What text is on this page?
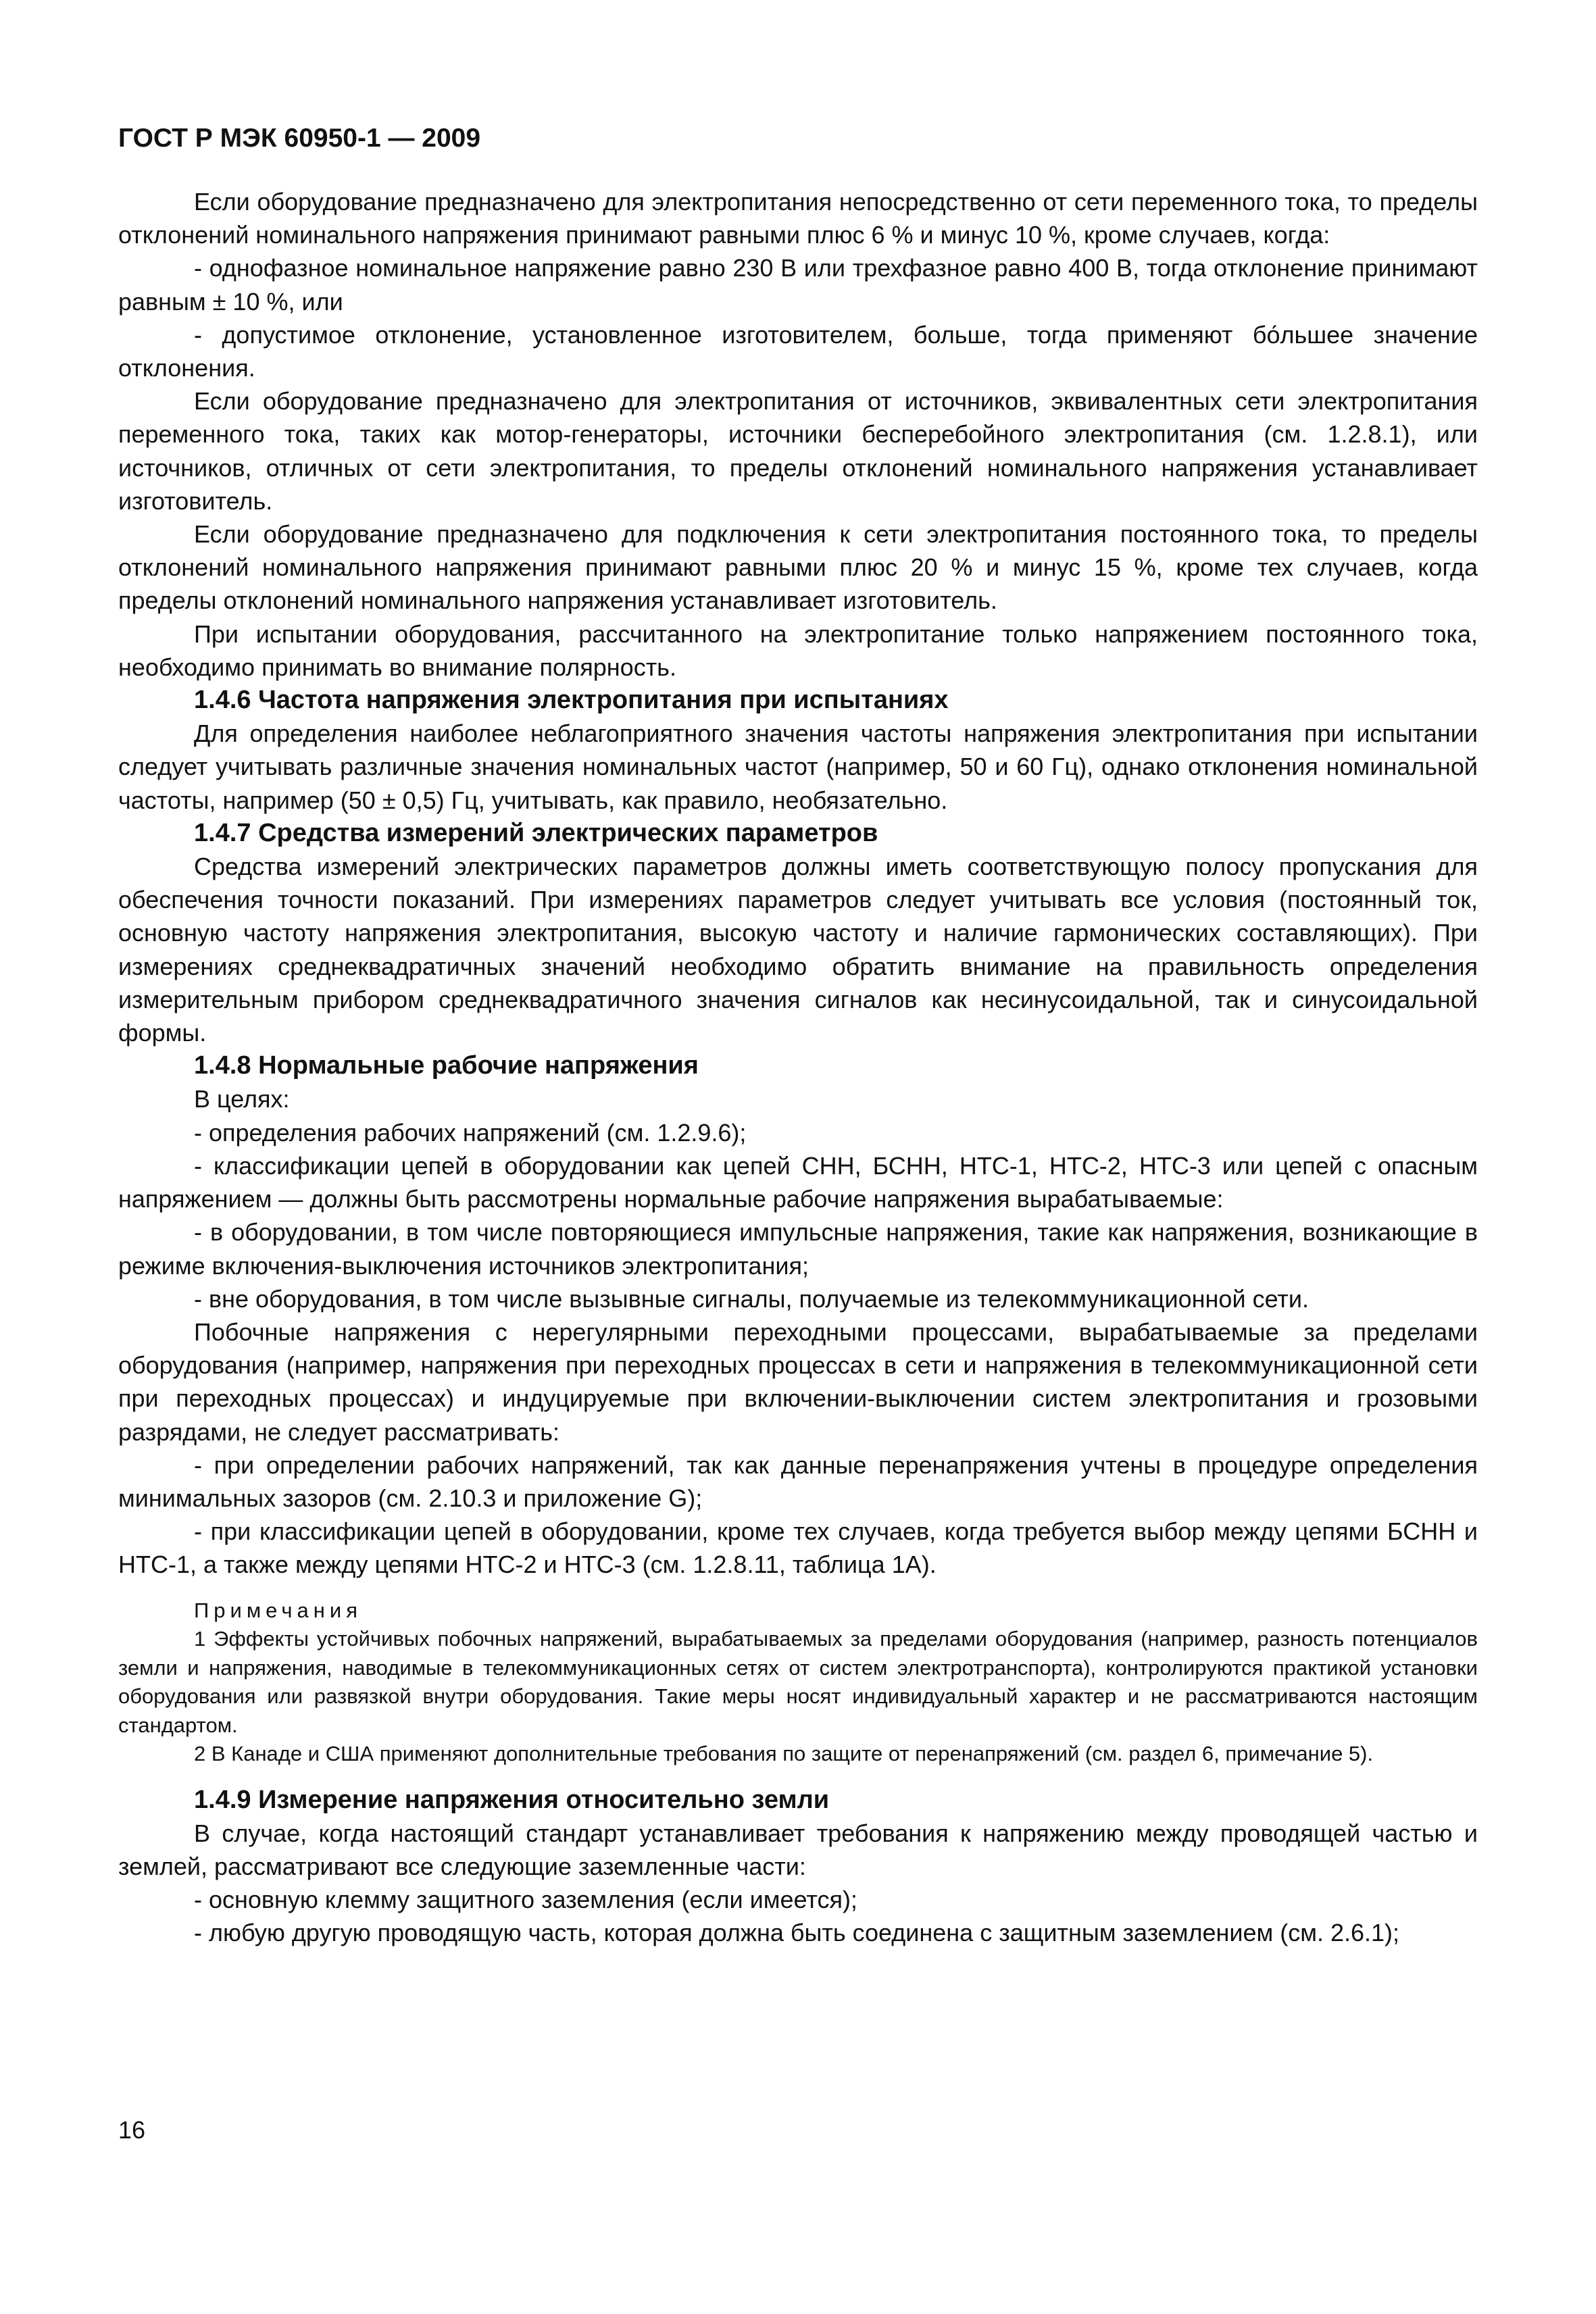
ГОСТ Р МЭК 60950-1 — 2009

Если оборудование предназначено для электропитания непосредственно от сети переменного тока, то пределы отклонений номинального напряжения принимают равными плюс 6 % и минус 10 %, кроме случаев, когда:

- однофазное номинальное напряжение равно 230 В или трехфазное равно 400 В, тогда отклонение принимают равным ± 10 %, или

- допустимое отклонение, установленное изготовителем, больше, тогда применяют бо́льшее значение отклонения.

Если оборудование предназначено для электропитания от источников, эквивалентных сети электропитания переменного тока, таких как мотор-генераторы, источники бесперебойного электропитания (см. 1.2.8.1), или источников, отличных от сети электропитания, то пределы отклонений номинального напряжения устанавливает изготовитель.

Если оборудование предназначено для подключения к сети электропитания постоянного тока, то пределы отклонений номинального напряжения принимают равными плюс 20 % и минус 15 %, кроме тех случаев, когда пределы отклонений номинального напряжения устанавливает изготовитель.

При испытании оборудования, рассчитанного на электропитание только напряжением постоянного тока, необходимо принимать во внимание полярность.

1.4.6 Частота напряжения электропитания при испытаниях

Для определения наиболее неблагоприятного значения частоты напряжения электропитания при испытании следует учитывать различные значения номинальных частот (например, 50 и 60 Гц), однако отклонения номинальной частоты, например (50 ± 0,5) Гц, учитывать, как правило, необязательно.

1.4.7 Средства измерений электрических параметров

Средства измерений электрических параметров должны иметь соответствующую полосу пропускания для обеспечения точности показаний. При измерениях параметров следует учитывать все условия (постоянный ток, основную частоту напряжения электропитания, высокую частоту и наличие гармонических составляющих). При измерениях среднеквадратичных значений необходимо обратить внимание на правильность определения измерительным прибором среднеквадратичного значения сигналов как несинусоидальной, так и синусоидальной формы.

1.4.8 Нормальные рабочие напряжения

В целях:

- определения рабочих напряжений (см. 1.2.9.6);

- классификации цепей в оборудовании как цепей СНН, БСНН, НТС-1, НТС-2, НТС-3 или цепей с опасным напряжением — должны быть рассмотрены нормальные рабочие напряжения вырабатываемые:

- в оборудовании, в том числе повторяющиеся импульсные напряжения, такие как напряжения, возникающие в режиме включения-выключения источников электропитания;

- вне оборудования, в том числе вызывные сигналы, получаемые из телекоммуникационной сети.

Побочные напряжения с нерегулярными переходными процессами, вырабатываемые за пределами оборудования (например, напряжения при переходных процессах в сети и напряжения в телекоммуникационной сети при переходных процессах) и индуцируемые при включении-выключении систем электропитания и грозовыми разрядами, не следует рассматривать:

- при определении рабочих напряжений, так как данные перенапряжения учтены в процедуре определения минимальных зазоров (см. 2.10.3 и приложение G);

- при классификации цепей в оборудовании, кроме тех случаев, когда требуется выбор между цепями БСНН и НТС-1, а также между цепями НТС-2 и НТС-3 (см. 1.2.8.11, таблица 1А).

Примечания

1 Эффекты устойчивых побочных напряжений, вырабатываемых за пределами оборудования (например, разность потенциалов земли и напряжения, наводимые в телекоммуникационных сетях от систем электротранспорта), контролируются практикой установки оборудования или развязкой внутри оборудования. Такие меры носят индивидуальный характер и не рассматриваются настоящим стандартом.

2 В Канаде и США применяют дополнительные требования по защите от перенапряжений (см. раздел 6, примечание 5).

1.4.9 Измерение напряжения относительно земли

В случае, когда настоящий стандарт устанавливает требования к напряжению между проводящей частью и землей, рассматривают все следующие заземленные части:

- основную клемму защитного заземления (если имеется);

- любую другую проводящую часть, которая должна быть соединена с защитным заземлением (см. 2.6.1);

16
